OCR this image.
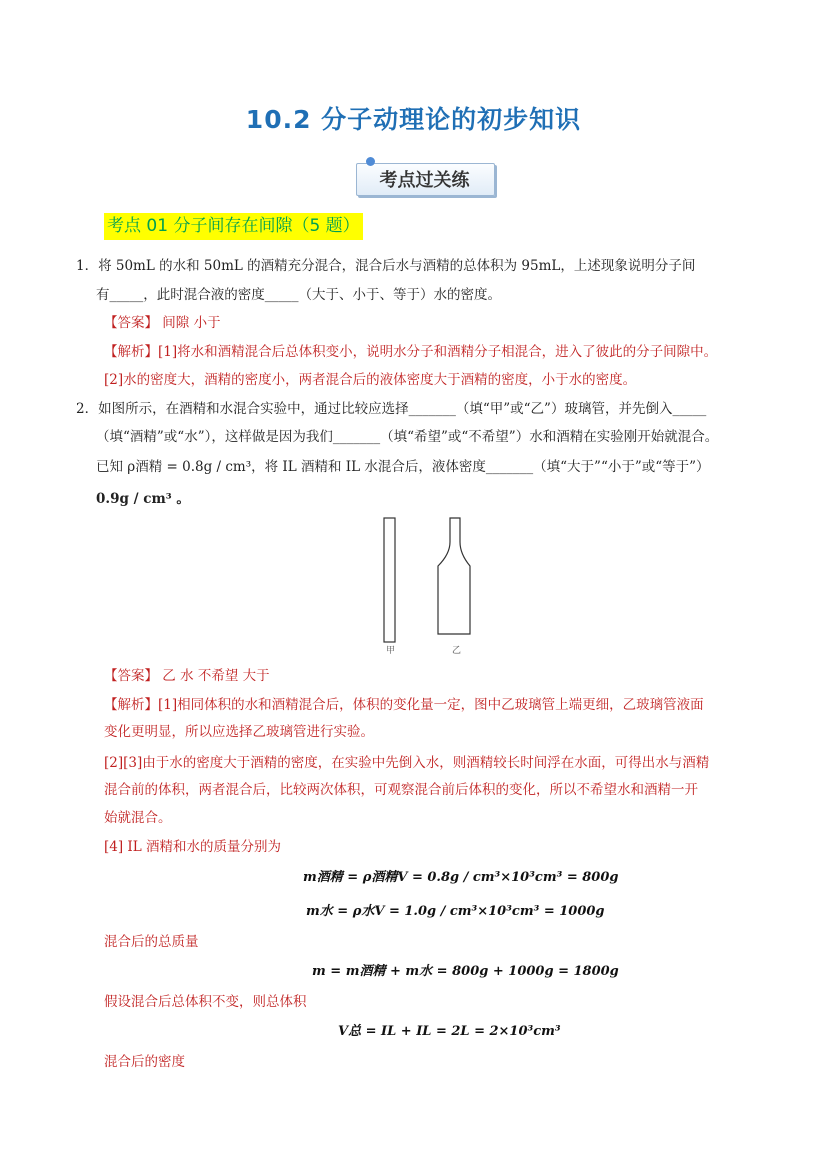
10.2 分子动理论的初步知识
考点过关练
考点 01 分子间存在间隙（5 题）
1．将 50mL 的水和 50mL 的酒精充分混合，混合后水与酒精的总体积为 95mL，上述现象说明分子间
有_____，此时混合液的密度_____（大于、小于、等于）水的密度。
【答案】 间隙 小于
【解析】[1]将水和酒精混合后总体积变小，说明水分子和酒精分子相混合，进入了彼此的分子间隙中。
[2]水的密度大，酒精的密度小，两者混合后的液体密度大于酒精的密度，小于水的密度。
2．如图所示，在酒精和水混合实验中，通过比较应选择_______（填“甲”或“乙”）玻璃管，并先倒入_____
（填“酒精”或“水”），这样做是因为我们_______（填“希望”或“不希望”）水和酒精在实验刚开始就混合。
已知 ρ酒精 = 0.8g / cm³，将 IL 酒精和 IL 水混合后，液体密度_______（填“大于”“小于”或“等于”）
0.9g / cm³ 。
甲	乙
【答案】 乙 水 不希望 大于
【解析】[1]相同体积的水和酒精混合后，体积的变化量一定，图中乙玻璃管上端更细，乙玻璃管液面
变化更明显，所以应选择乙玻璃管进行实验。
[2][3]由于水的密度大于酒精的密度，在实验中先倒入水，则酒精较长时间浮在水面，可得出水与酒精
混合前的体积，两者混合后，比较两次体积，可观察混合前后体积的变化，所以不希望水和酒精一开
始就混合。
[4] IL 酒精和水的质量分别为
m酒精 = ρ酒精V = 0.8g / cm³×10³cm³ = 800g
m水 = ρ水V = 1.0g / cm³×10³cm³ = 1000g
混合后的总质量
m = m酒精 + m水 = 800g + 1000g = 1800g
假设混合后总体积不变，则总体积
V总 = IL + IL = 2L = 2×10³cm³
混合后的密度
